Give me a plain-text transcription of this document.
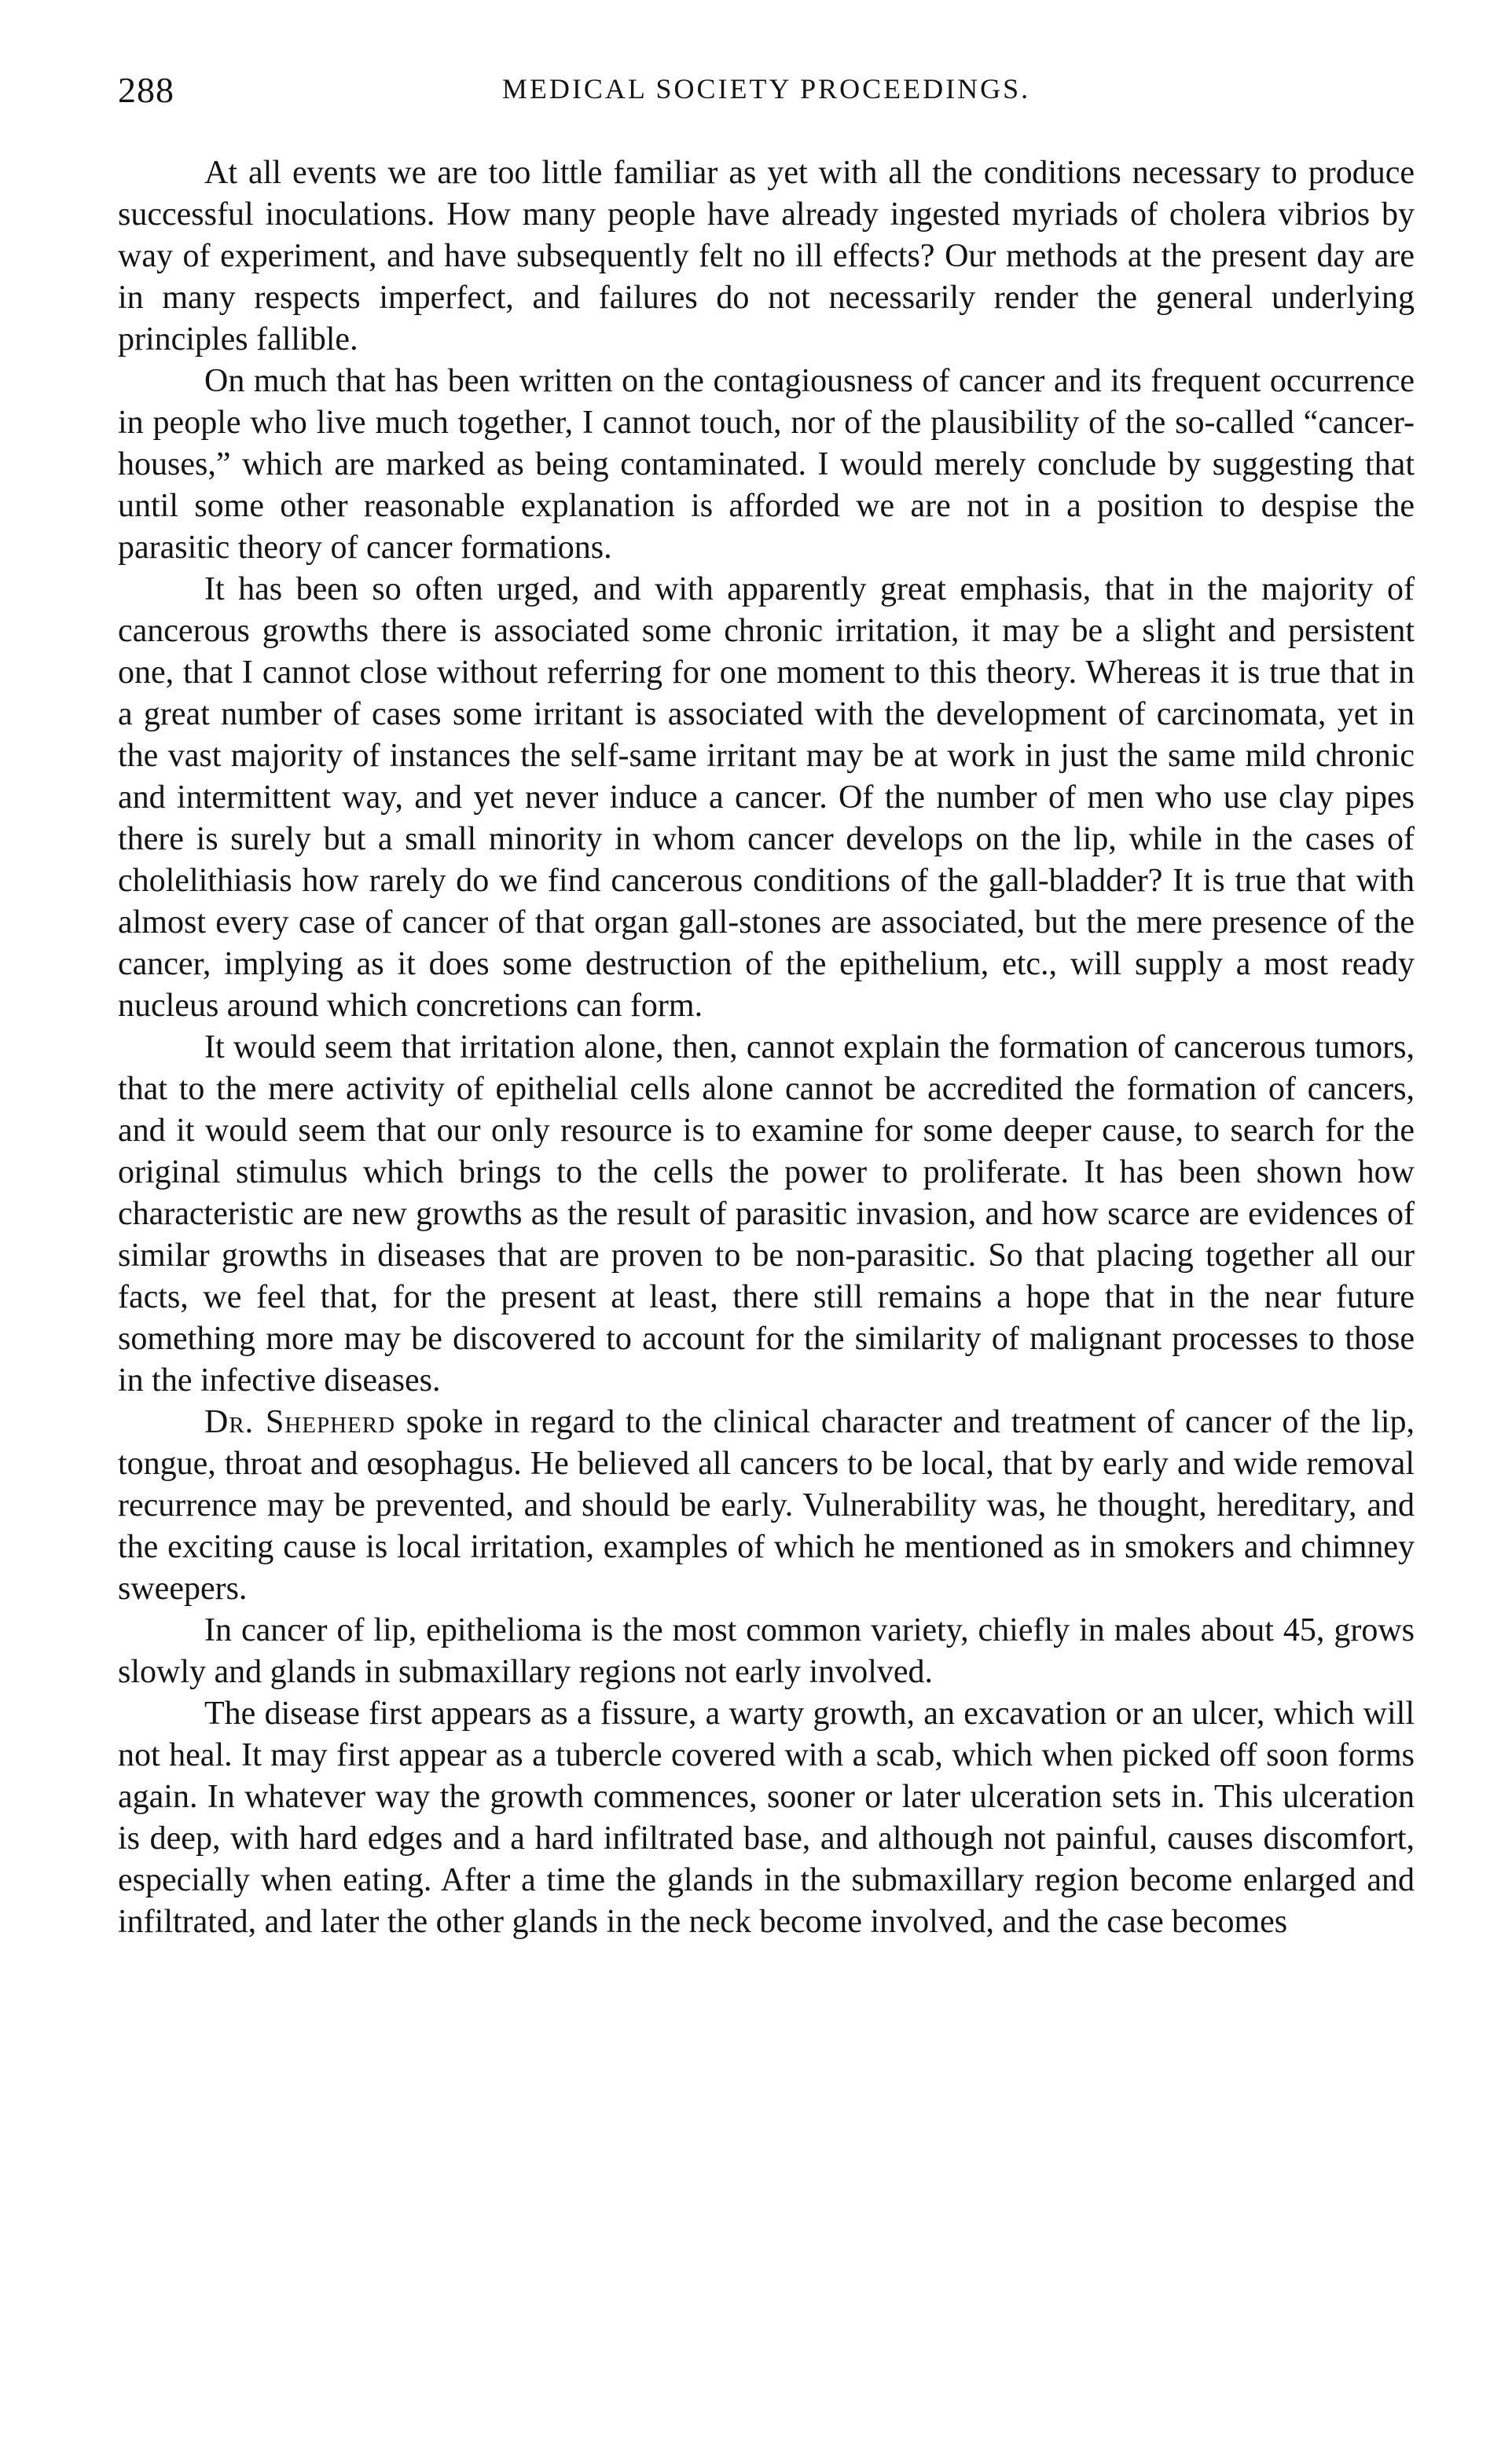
288	MEDICAL SOCIETY PROCEEDINGS.

At all events we are too little familiar as yet with all the conditions necessary to produce successful inoculations. How many people have already ingested myriads of cholera vibrios by way of experiment, and have subsequently felt no ill effects? Our methods at the present day are in many respects imperfect, and failures do not necessarily render the general underlying principles fallible.

On much that has been written on the contagiousness of cancer and its frequent occurrence in people who live much together, I cannot touch, nor of the plausibility of the so-called “cancer-houses,” which are marked as being contaminated. I would merely conclude by suggesting that until some other reasonable explanation is afforded we are not in a position to despise the parasitic theory of cancer formations.

It has been so often urged, and with apparently great emphasis, that in the majority of cancerous growths there is associated some chronic irritation, it may be a slight and persistent one, that I cannot close without referring for one moment to this theory. Whereas it is true that in a great number of cases some irritant is associated with the development of carcinomata, yet in the vast majority of instances the self-same irritant may be at work in just the same mild chronic and intermittent way, and yet never induce a cancer. Of the number of men who use clay pipes there is surely but a small minority in whom cancer develops on the lip, while in the cases of cholelithiasis how rarely do we find cancerous conditions of the gall-bladder? It is true that with almost every case of cancer of that organ gall-stones are associated, but the mere presence of the cancer, implying as it does some destruction of the epithelium, etc., will supply a most ready nucleus around which concretions can form.

It would seem that irritation alone, then, cannot explain the formation of cancerous tumors, that to the mere activity of epithelial cells alone cannot be accredited the formation of cancers, and it would seem that our only resource is to examine for some deeper cause, to search for the original stimulus which brings to the cells the power to proliferate. It has been shown how characteristic are new growths as the result of parasitic invasion, and how scarce are evidences of similar growths in diseases that are proven to be non-parasitic. So that placing together all our facts, we feel that, for the present at least, there still remains a hope that in the near future something more may be discovered to account for the similarity of malignant processes to those in the infective diseases.

Dr. Shepherd spoke in regard to the clinical character and treatment of cancer of the lip, tongue, throat and œsophagus. He believed all cancers to be local, that by early and wide removal recurrence may be prevented, and should be early. Vulnerability was, he thought, hereditary, and the exciting cause is local irritation, examples of which he mentioned as in smokers and chimney sweepers.

In cancer of lip, epithelioma is the most common variety, chiefly in males about 45, grows slowly and glands in submaxillary regions not early involved.

The disease first appears as a fissure, a warty growth, an excavation or an ulcer, which will not heal. It may first appear as a tubercle covered with a scab, which when picked off soon forms again. In whatever way the growth commences, sooner or later ulceration sets in. This ulceration is deep, with hard edges and a hard infiltrated base, and although not painful, causes discomfort, especially when eating. After a time the glands in the submaxillary region become enlarged and infiltrated, and later the other glands in the neck become involved, and the case becomes
